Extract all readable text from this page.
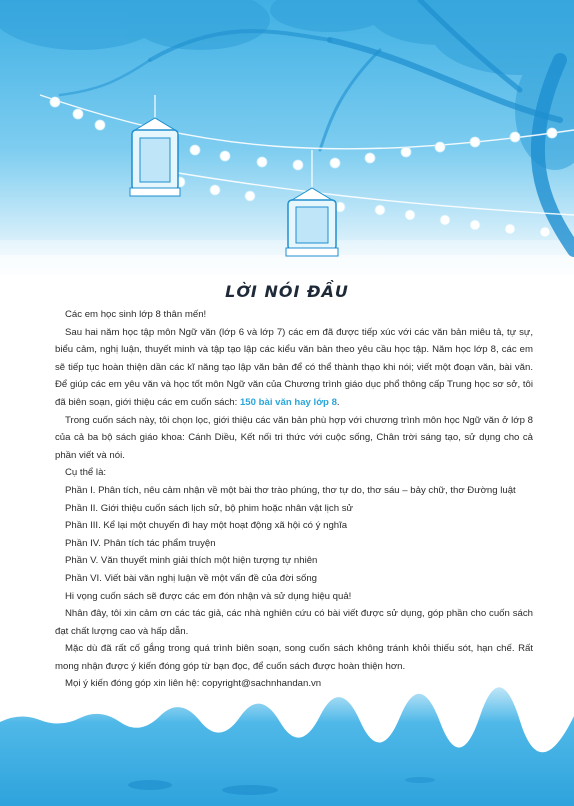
LỜI NÓI ĐẦU

Các em học sinh lớp 8 thân mến!

Sau hai năm học tập môn Ngữ văn (lớp 6 và lớp 7) các em đã được tiếp xúc với các văn bản miêu tả, tự sự, biểu cảm, nghị luận, thuyết minh và tập tạo lập các kiểu văn bản theo yêu cầu học tập. Năm học lớp 8, các em sẽ tiếp tục hoàn thiện dần các kĩ năng tạo lập văn bản để có thể thành thạo khi nói; viết một đoạn văn, bài văn. Để giúp các em yêu văn và học tốt môn Ngữ văn của Chương trình giáo dục phổ thông cấp Trung học sơ sở, tôi đã biên soạn, giới thiệu các em cuốn sách: 150 bài văn hay lớp 8.

Trong cuốn sách này, tôi chọn lọc, giới thiệu các văn bản phù hợp với chương trình môn học Ngữ văn ở lớp 8 của cả ba bộ sách giáo khoa: Cánh Diều, Kết nối tri thức với cuộc sống, Chân trời sáng tạo, sử dụng cho cả phần viết và nói.

Cụ thể là:

Phần I. Phân tích, nêu cảm nhận về một bài thơ trào phúng, thơ tự do, thơ sáu – bảy chữ, thơ Đường luật

Phần II. Giới thiệu cuốn sách lịch sử, bộ phim hoặc nhân vật lịch sử

Phần III. Kể lại một chuyến đi hay một hoạt động xã hội có ý nghĩa

Phần IV. Phân tích tác phẩm truyện

Phần V. Văn thuyết minh giải thích một hiện tượng tự nhiên

Phần VI. Viết bài văn nghị luận về một vấn đề của đời sống

Hi vọng cuốn sách sẽ được các em đón nhận và sử dụng hiệu quả!

Nhân đây, tôi xin cảm ơn các tác giả, các nhà nghiên cứu có bài viết được sử dụng, góp phần cho cuốn sách đạt chất lượng cao và hấp dẫn.

Mặc dù đã rất cố gắng trong quá trình biên soạn, song cuốn sách không tránh khỏi thiếu sót, hạn chế. Rất mong nhận được ý kiến đóng góp từ bạn đọc, để cuốn sách được hoàn thiện hơn.

Mọi ý kiến đóng góp xin liên hệ: copyright@sachnhandan.vn
